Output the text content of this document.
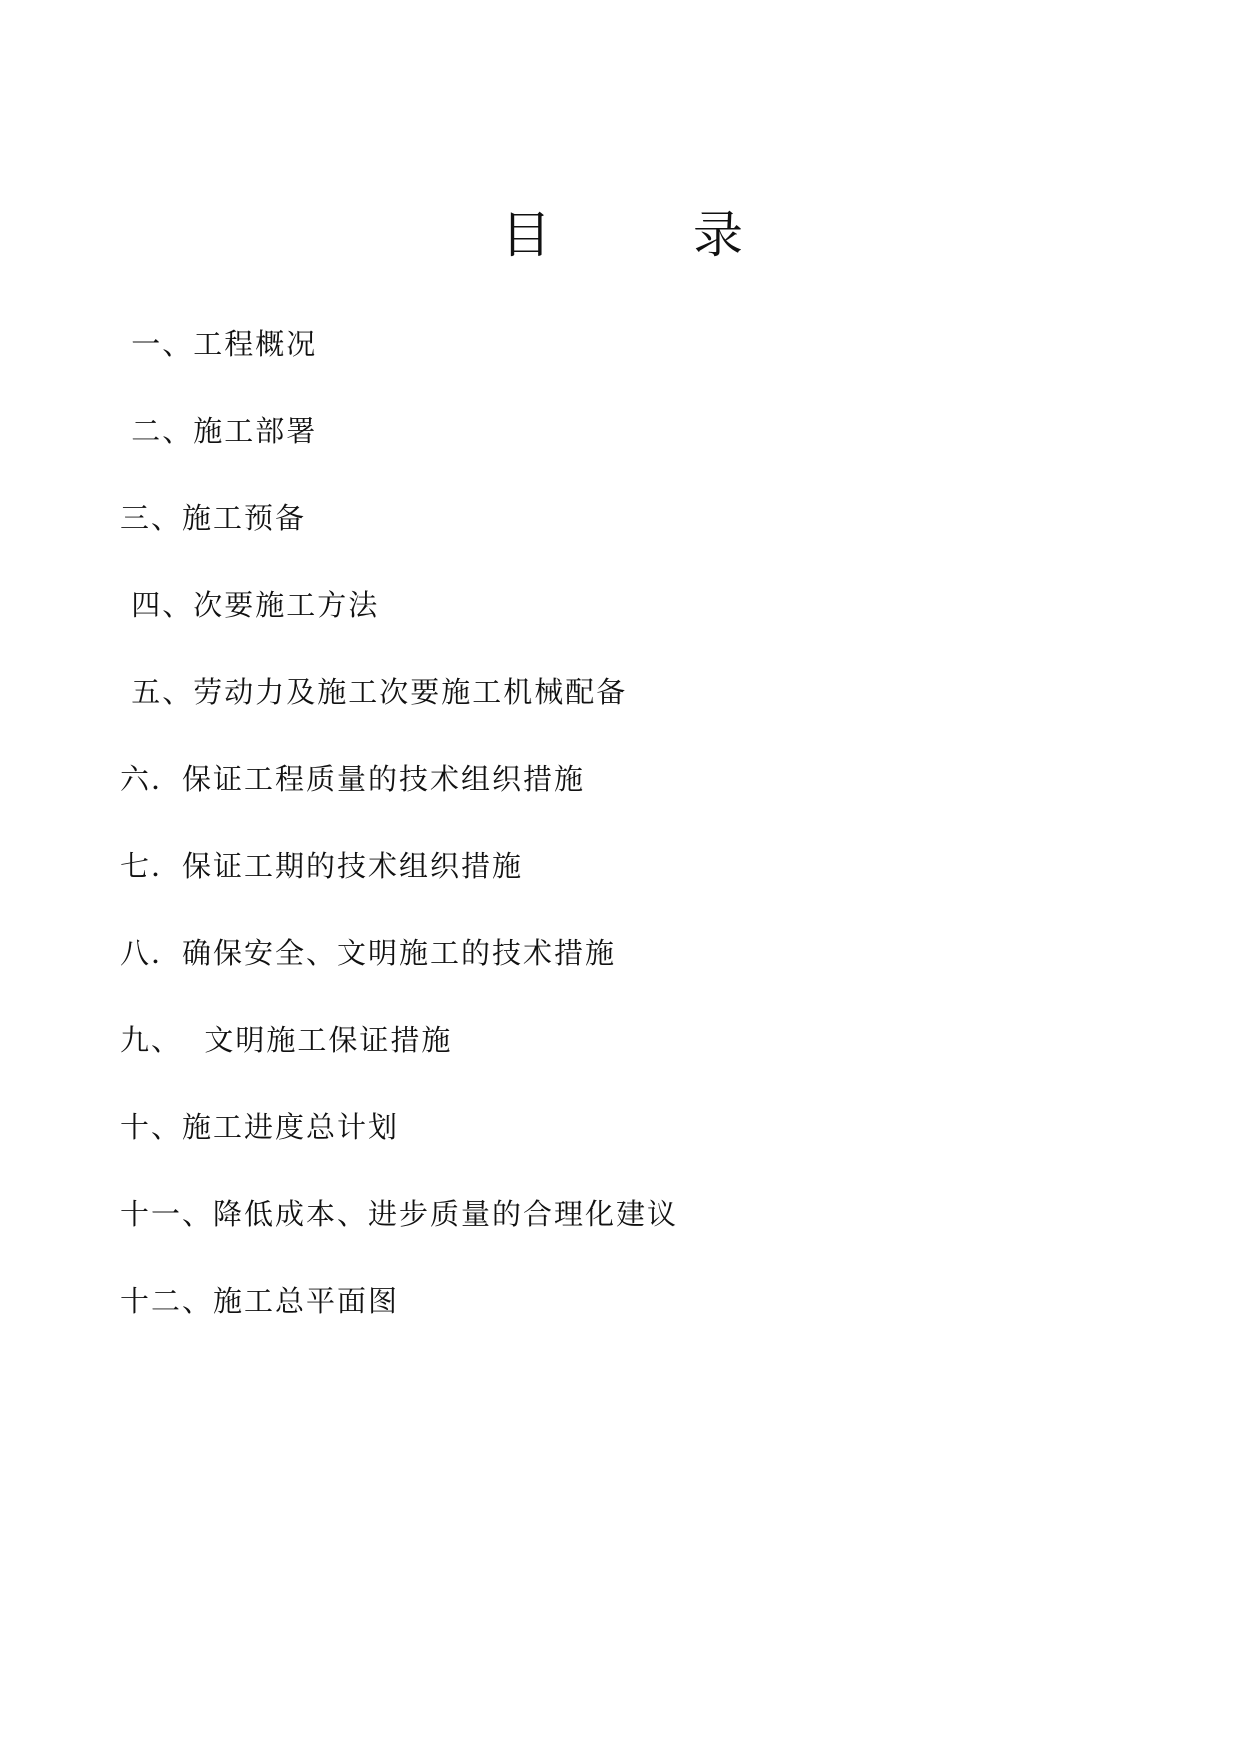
目	录
一、工程概况
二、施工部署
三、施工预备
四、次要施工方法
五、劳动力及施工次要施工机械配备
六．保证工程质量的技术组织措施
七．保证工期的技术组织措施
八．确保安全、文明施工的技术措施
九、  文明施工保证措施
十、施工进度总计划
十一、降低成本、进步质量的合理化建议
十二、施工总平面图
